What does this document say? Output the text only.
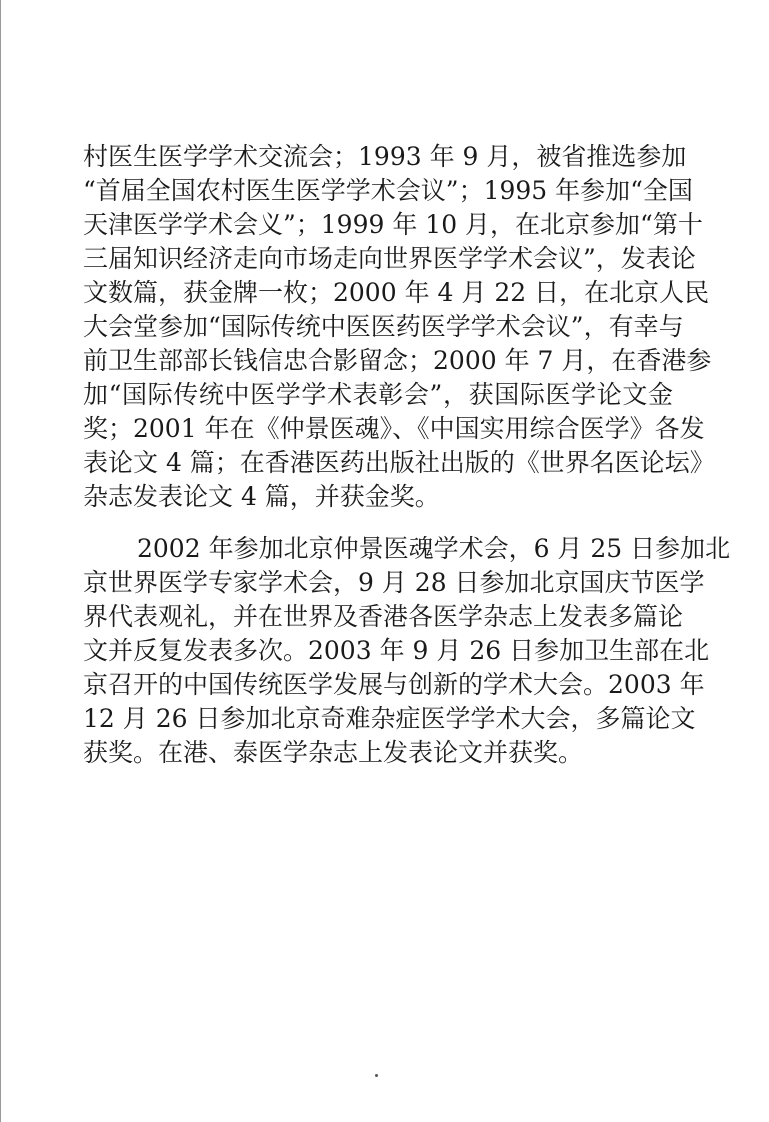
村医生医学学术交流会；1993 年 9 月，被省推选参加
“首届全国农村医生医学学术会议”；1995 年参加“全国
天津医学学术会义”；1999 年 10 月，在北京参加“第十
三届知识经济走向市场走向世界医学学术会议”，发表论
文数篇，获金牌一枚；2000 年 4 月 22 日，在北京人民
大会堂参加“国际传统中医医药医学学术会议”，有幸与
前卫生部部长钱信忠合影留念；2000 年 7 月，在香港参
加“国际传统中医学学术表彰会”，获国际医学论文金
奖；2001 年在《仲景医魂》、《中国实用综合医学》各发
表论文 4 篇；在香港医药出版社出版的《世界名医论坛》
杂志发表论文 4 篇，并获金奖。
2002 年参加北京仲景医魂学术会，6 月 25 日参加北
京世界医学专家学术会，9 月 28 日参加北京国庆节医学
界代表观礼，并在世界及香港各医学杂志上发表多篇论
文并反复发表多次。2003 年 9 月 26 日参加卫生部在北
京召开的中国传统医学发展与创新的学术大会。2003 年
12 月 26 日参加北京奇难杂症医学学术大会，多篇论文
获奖。在港、泰医学杂志上发表论文并获奖。
